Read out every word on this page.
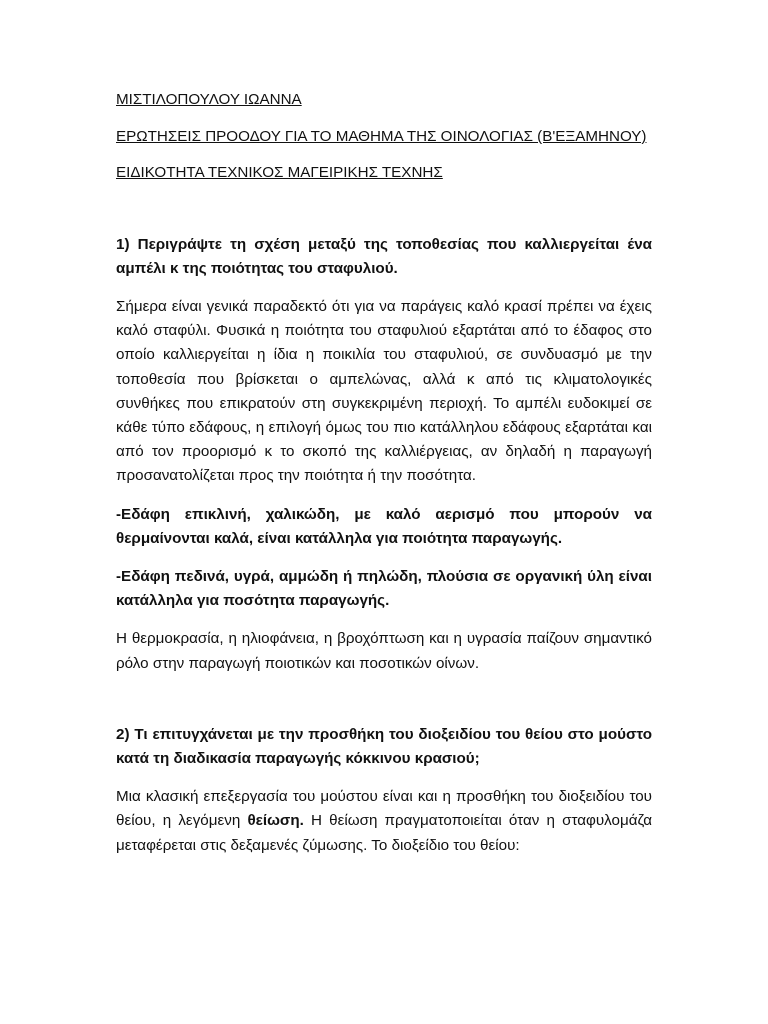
ΜΙΣΤΙΛΟΠΟΥΛΟΥ ΙΩΑΝΝΑ

ΕΡΩΤΗΣΕΙΣ ΠΡΟΟΔΟΥ ΓΙΑ ΤΟ ΜΑΘΗΜΑ ΤΗΣ ΟΙΝΟΛΟΓΙΑΣ (Β'ΕΞΑΜΗΝΟΥ)

ΕΙΔΙΚΟΤΗΤΑ ΤΕΧΝΙΚΟΣ ΜΑΓΕΙΡΙΚΗΣ ΤΕΧΝΗΣ

1) Περιγράψτε τη σχέση μεταξύ της τοποθεσίας που καλλιεργείται ένα αμπέλι κ της ποιότητας του σταφυλιού.

Σήμερα είναι γενικά παραδεκτό ότι για να παράγεις καλό κρασί πρέπει να έχεις καλό σταφύλι. Φυσικά η ποιότητα του σταφυλιού εξαρτάται από το έδαφος στο οποίο καλλιεργείται η ίδια η ποικιλία του σταφυλιού, σε συνδυασμό με την τοποθεσία που βρίσκεται ο αμπελώνας, αλλά κ από τις κλιματολογικές συνθήκες που επικρατούν στη συγκεκριμένη περιοχή. Το αμπέλι ευδοκιμεί σε κάθε τύπο εδάφους, η επιλογή όμως του πιο κατάλληλου εδάφους εξαρτάται και από τον προορισμό κ το σκοπό της καλλιέργειας, αν δηλαδή η παραγωγή προσανατολίζεται προς την ποιότητα ή την ποσότητα.

-Εδάφη επικλινή, χαλικώδη, με καλό αερισμό που μπορούν να θερμαίνονται καλά, είναι κατάλληλα για ποιότητα παραγωγής.

-Εδάφη πεδινά, υγρά, αμμώδη ή πηλώδη, πλούσια σε οργανική ύλη είναι κατάλληλα για ποσότητα παραγωγής.

Η θερμοκρασία, η ηλιοφάνεια, η βροχόπτωση και η υγρασία παίζουν σημαντικό ρόλο στην παραγωγή ποιοτικών και ποσοτικών οίνων.

2) Τι επιτυγχάνεται με την προσθήκη του διοξειδίου του θείου στο μούστο κατά τη διαδικασία παραγωγής κόκκινου κρασιού;

Μια κλασική επεξεργασία του μούστου είναι και η προσθήκη του διοξειδίου του θείου, η λεγόμενη θείωση. Η θείωση πραγματοποιείται όταν η σταφυλομάζα μεταφέρεται στις δεξαμενές ζύμωσης. Το διοξείδιο του θείου:
